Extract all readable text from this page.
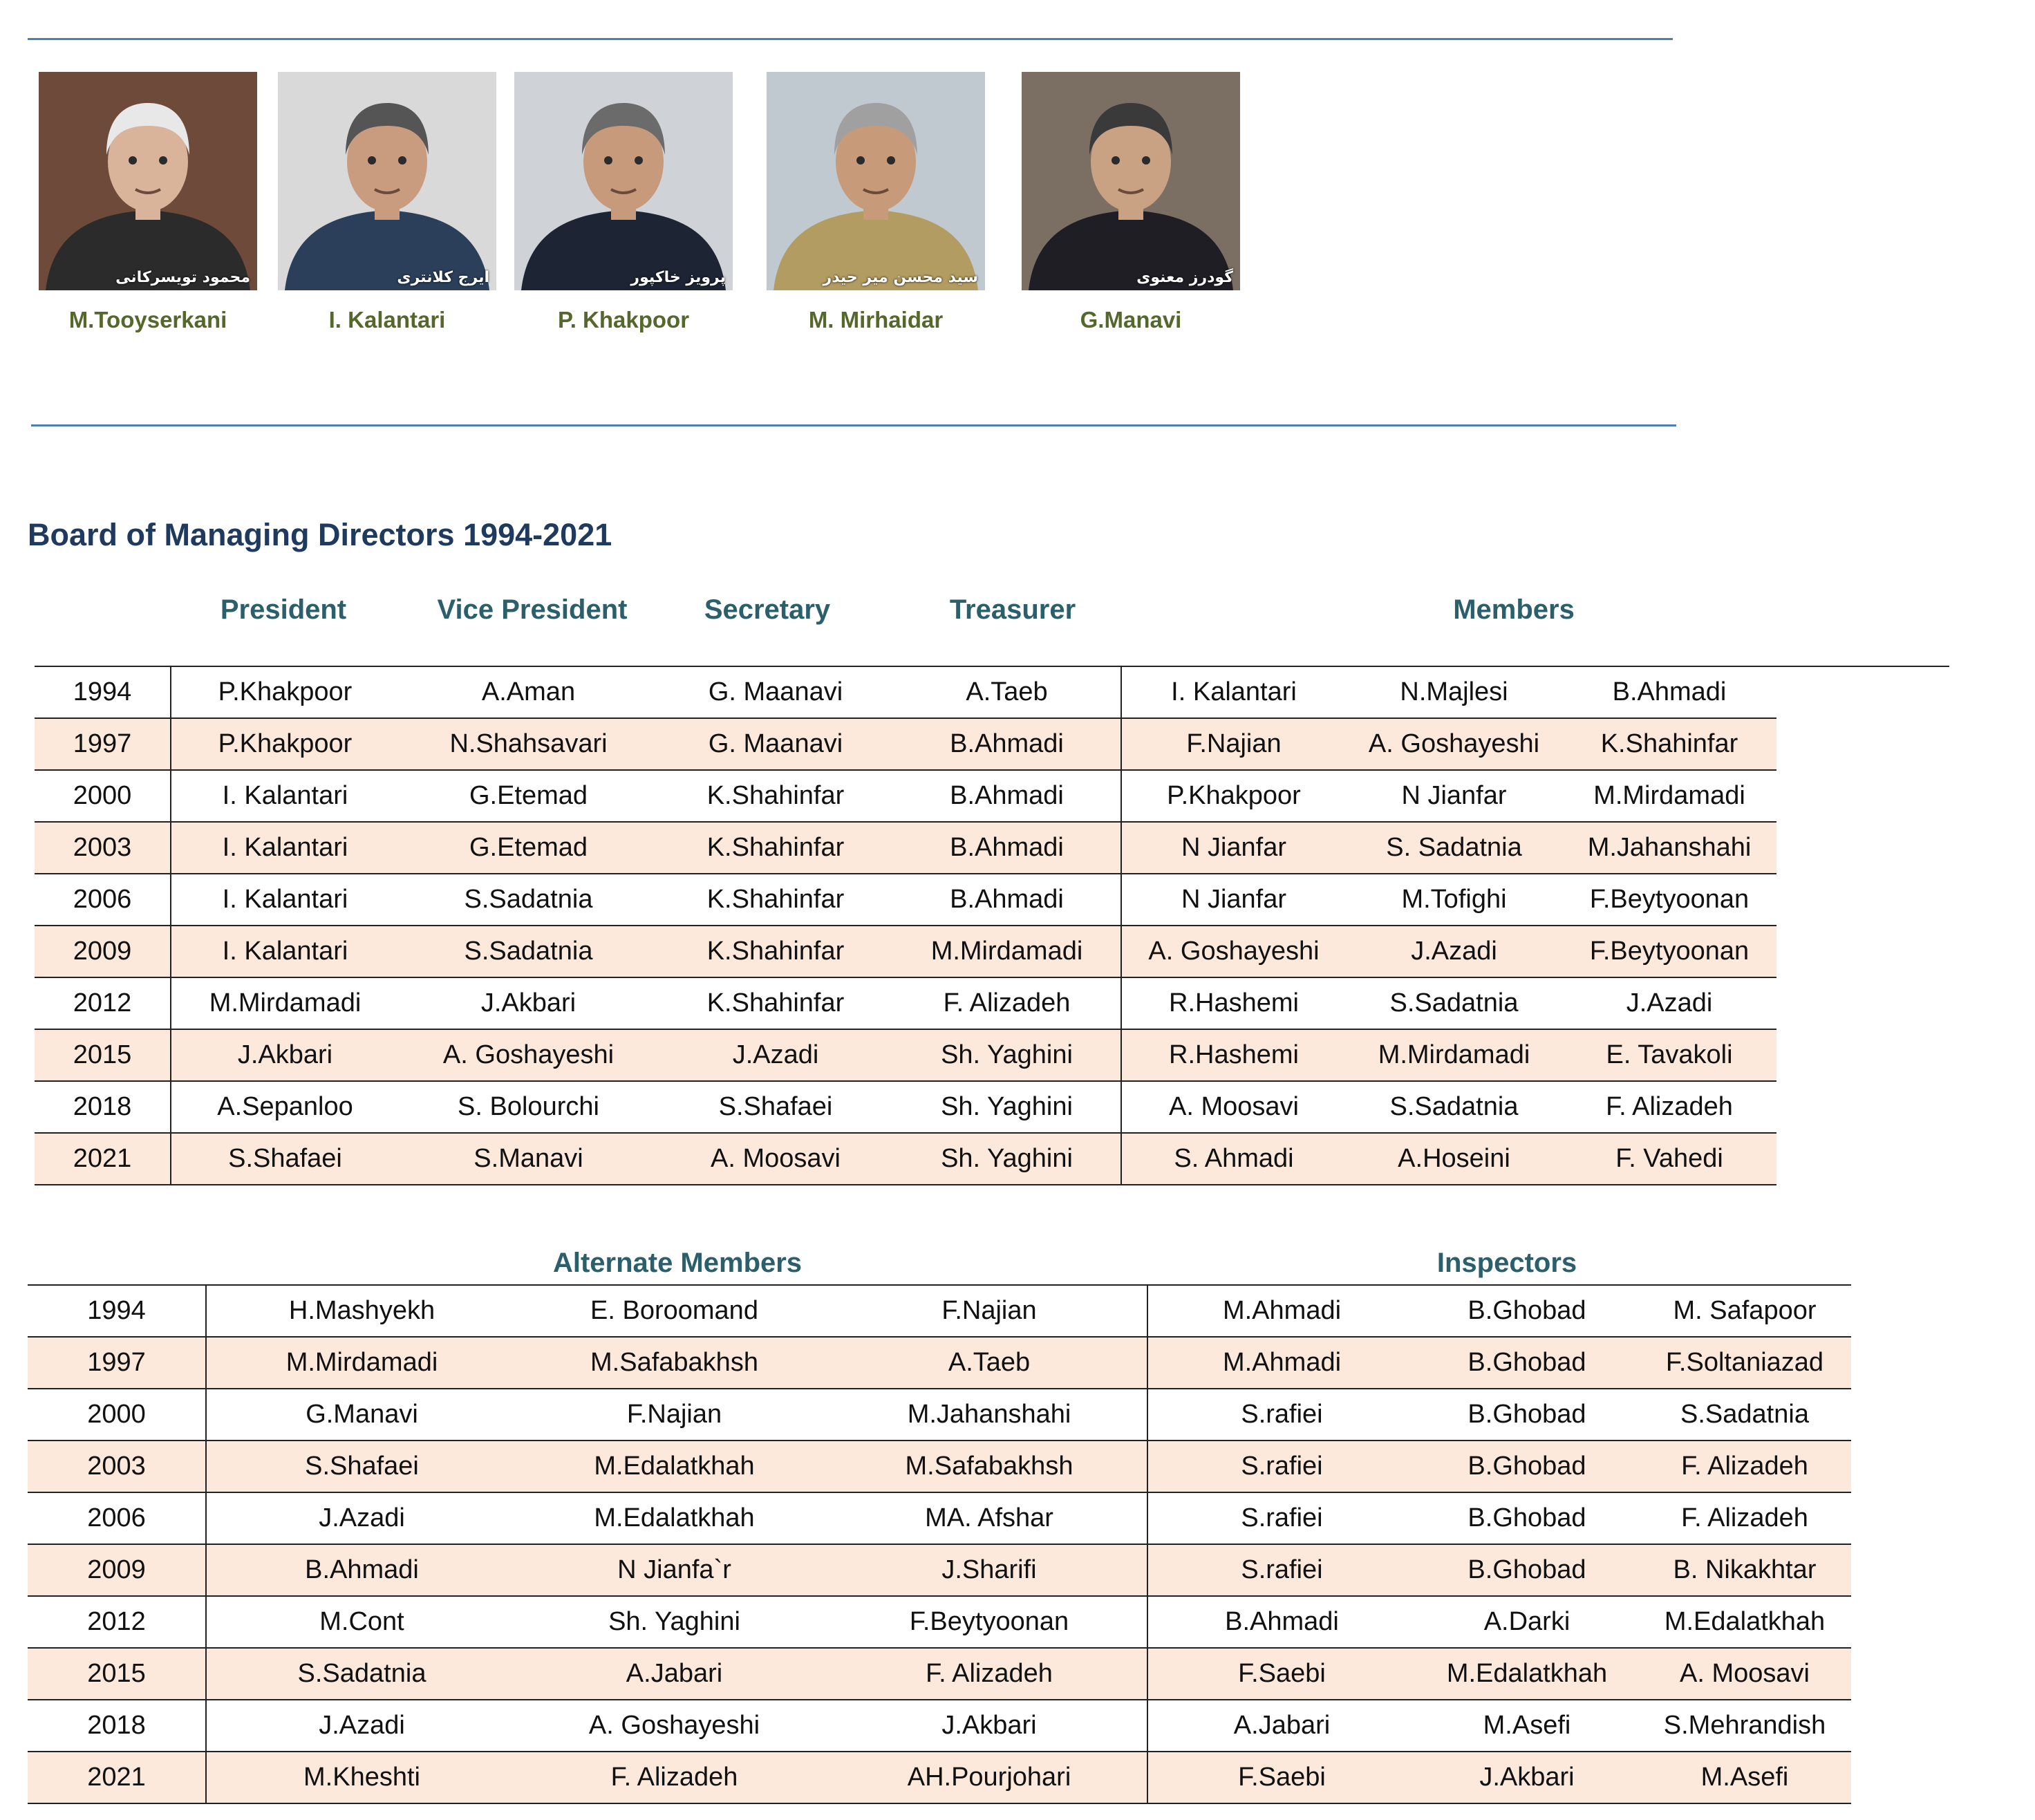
محمود تویسرکانی
M.Tooyserkani
ایرج کلانتری
I. Kalantari
پرویز خاکپور
P. Khakpoor
سید محسن میر حیدر
M. Mirhaidar
گودرز معنوی
G.Manavi
Board of Managing Directors 1994-2021
President	Vice President	Secretary	Treasurer	Members
1994	P.Khakpoor	A.Aman	G. Maanavi	A.Taeb	I. Kalantari	N.Majlesi	B.Ahmadi	
1997	P.Khakpoor	N.Shahsavari	G. Maanavi	B.Ahmadi	F.Najian	A. Goshayeshi	K.Shahinfar	
2000	I. Kalantari	G.Etemad	K.Shahinfar	B.Ahmadi	P.Khakpoor	N Jianfar	M.Mirdamadi	
2003	I. Kalantari	G.Etemad	K.Shahinfar	B.Ahmadi	N Jianfar	S. Sadatnia	M.Jahanshahi	
2006	I. Kalantari	S.Sadatnia	K.Shahinfar	B.Ahmadi	N Jianfar	M.Tofighi	F.Beytyoonan	
2009	I. Kalantari	S.Sadatnia	K.Shahinfar	M.Mirdamadi	A. Goshayeshi	J.Azadi	F.Beytyoonan	
2012	M.Mirdamadi	J.Akbari	K.Shahinfar	F. Alizadeh	R.Hashemi	S.Sadatnia	J.Azadi	
2015	J.Akbari	A. Goshayeshi	J.Azadi	Sh. Yaghini	R.Hashemi	M.Mirdamadi	E. Tavakoli	
2018	A.Sepanloo	S. Bolourchi	S.Shafaei	Sh. Yaghini	A. Moosavi	S.Sadatnia	F. Alizadeh	
2021	S.Shafaei	S.Manavi	A. Moosavi	Sh. Yaghini	S. Ahmadi	A.Hoseini	F. Vahedi	
Alternate Members	Inspectors
1994	H.Mashyekh	E. Boroomand	F.Najian	M.Ahmadi	B.Ghobad	M. Safapoor
1997	M.Mirdamadi	M.Safabakhsh	A.Taeb	M.Ahmadi	B.Ghobad	F.Soltaniazad
2000	G.Manavi	F.Najian	M.Jahanshahi	S.rafiei	B.Ghobad	S.Sadatnia
2003	S.Shafaei	M.Edalatkhah	M.Safabakhsh	S.rafiei	B.Ghobad	F. Alizadeh
2006	J.Azadi	M.Edalatkhah	MA. Afshar	S.rafiei	B.Ghobad	F. Alizadeh
2009	B.Ahmadi	N Jianfa`r	J.Sharifi	S.rafiei	B.Ghobad	B. Nikakhtar
2012	M.Cont	Sh. Yaghini	F.Beytyoonan	B.Ahmadi	A.Darki	M.Edalatkhah
2015	S.Sadatnia	A.Jabari	F. Alizadeh	F.Saebi	M.Edalatkhah	A. Moosavi
2018	J.Azadi	A. Goshayeshi	J.Akbari	A.Jabari	M.Asefi	S.Mehrandish
2021	M.Kheshti	F. Alizadeh	AH.Pourjohari	F.Saebi	J.Akbari	M.Asefi
